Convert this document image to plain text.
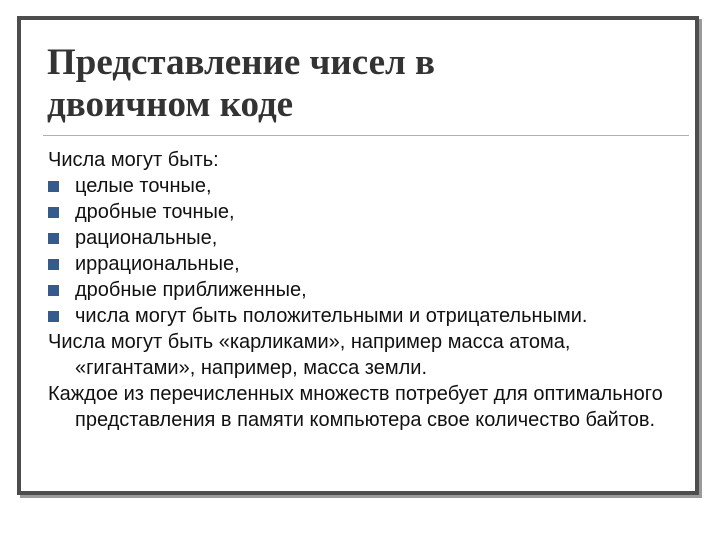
Представление чисел в
двоичном коде

Числа могут быть:

целые точные,
дробные точные,
рациональные,
иррациональные,
дробные приближенные,
числа могут быть положительными и отрицательными.

Числа могут быть «карликами», например масса атома, «гигантами», например, масса земли.

Каждое из перечисленных множеств потребует для оптимального представления в памяти компьютера свое количество байтов.
